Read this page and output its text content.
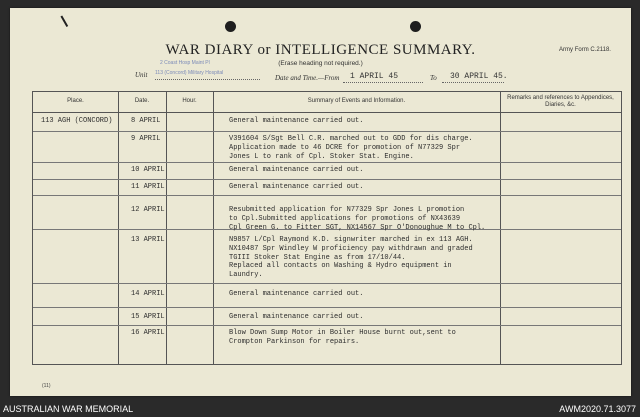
WAR DIARY or INTELLIGENCE SUMMARY.
(Erase heading not required.)
Army Form C.2118.
2 Coast Hosp Maint Pl
113 (Concord) Military Hospital
Unit	Date and Time.—From 1 APRIL 45	To 30 APRIL 45.
Place.	Date.	Hour.	Summary of Events and Information.	Remarks and references to Appendices, Diaries, &c.
113 AGH (CONCORD)	8 APRIL	General maintenance carried out.
9 APRIL	V391604 S/Sgt Bell C.R. marched out to GDD for dis charge.
Application made to 46 DCRE for promotion of N77329 Spr
Jones L to rank of Cpl. Stoker Stat. Engine.
10 APRIL	General maintenance carried out.
11 APRIL	General maintenance carried out.
12 APRIL	Resubmitted application for N77329 Spr Jones L promotion
to Cpl.Submitted applications for promotions of NX43639
Cpl Green G. to Fitter SGT, NX14567 Spr O'Donoughue M to Cpl.
13 APRIL	N9857 L/Cpl Raymond K.D. signwriter marched in ex 113 AGH.
NX10487 Spr Windley W proficiency pay withdrawn and graded
TGIII Stoker Stat Engine as from 17/10/44.
Replaced all contacts on Washing & Hydro equipment in
Laundry.
14 APRIL	General maintenance carried out.
15 APRIL	General maintenance carried out.
16 APRIL	Blow Down Sump Motor in Boiler House burnt out,sent to
Crompton Parkinson for repairs.
(11)
AUSTRALIAN WAR MEMORIAL	AWM2020.71.3077
